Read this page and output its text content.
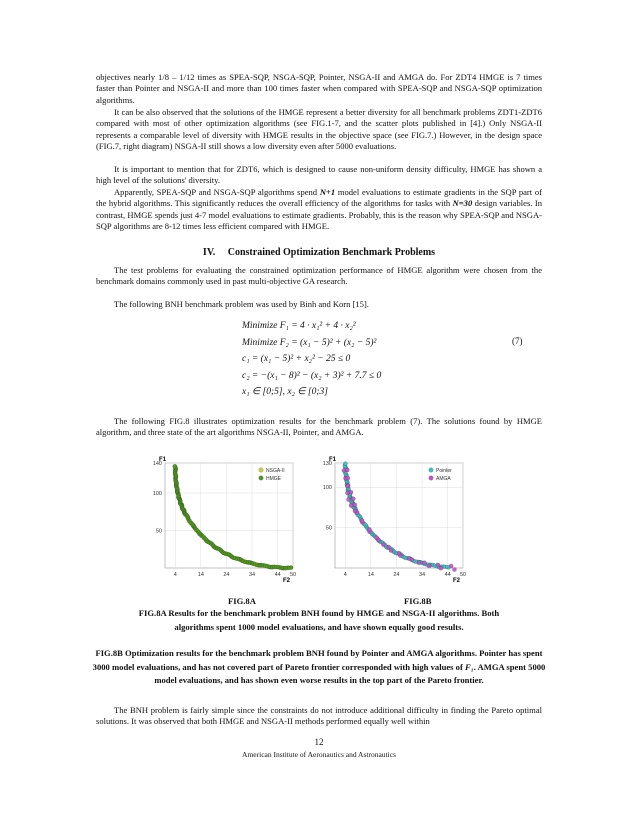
objectives nearly 1/8 – 1/12 times as SPEA-SQP, NSGA-SQP, Pointer, NSGA-II and AMGA do. For ZDT4 HMGE is 7 times faster than Pointer and NSGA-II and more than 100 times faster when compared with SPEA-SQP and NSGA-SQP optimization algorithms.

It can be also observed that the solutions of the HMGE represent a better diversity for all benchmark problems ZDT1-ZDT6 compared with most of other optimization algorithms (see FIG.1-7, and the scatter plots published in [4].) Only NSGA-II represents a comparable level of diversity with HMGE results in the objective space (see FIG.7.) However, in the design space (FIG.7, right diagram) NSGA-II still shows a low diversity even after 5000 evaluations.

It is important to mention that for ZDT6, which is designed to cause non-uniform density difficulty, HMGE has shown a high level of the solutions' diversity.

Apparently, SPEA-SQP and NSGA-SQP algorithms spend N+1 model evaluations to estimate gradients in the SQP part of the hybrid algorithms. This significantly reduces the overall efficiency of the algorithms for tasks with N=30 design variables. In contrast, HMGE spends just 4-7 model evaluations to estimate gradients. Probably, this is the reason why SPEA-SQP and NSGA-SQP algorithms are 8-12 times less efficient compared with HMGE.

IV. Constrained Optimization Benchmark Problems

The test problems for evaluating the constrained optimization performance of HMGE algorithm were chosen from the benchmark domains commonly used in past multi-objective GA research.

The following BNH benchmark problem was used by Binh and Korn [15].

Minimize F₁ = 4 · x₁² + 4 · x₂²
Minimize F₂ = (x₁ − 5)² + (x₂ − 5)²
c₁ = (x₁ − 5)² + x₂² − 25 ≤ 0
c₂ = −(x₁ − 8)² − (x₂ + 3)² + 7.7 ≤ 0
x₁ ∈ [0;5], x₂ ∈ [0;3]
(7)

The following FIG.8 illustrates optimization results for the benchmark problem (7). The solutions found by HMGE algorithm, and three state of the art algorithms NSGA-II, Pointer, and AMGA.

4	14	24	34	44 50
50
100
140
F1
F2
NSGA-II
HMGE
4	14	24	34	44 50
50
100
130
F1
F2
Pointer
AMGA
FIG.8A	FIG.8B
FIG.8A Results for the benchmark problem BNH found by HMGE and NSGA-II algorithms. Both algorithms spent 1000 model evaluations, and have shown equally good results.
FIG.8B Optimization results for the benchmark problem BNH found by Pointer and AMGA algorithms. Pointer has spent 3000 model evaluations, and has not covered part of Pareto frontier corresponded with high values of F₁. AMGA spent 5000 model evaluations, and has shown even worse results in the top part of the Pareto frontier.

The BNH problem is fairly simple since the constraints do not introduce additional difficulty in finding the Pareto optimal solutions. It was observed that both HMGE and NSGA-II methods performed equally well within

12
American Institute of Aeronautics and Astronautics
